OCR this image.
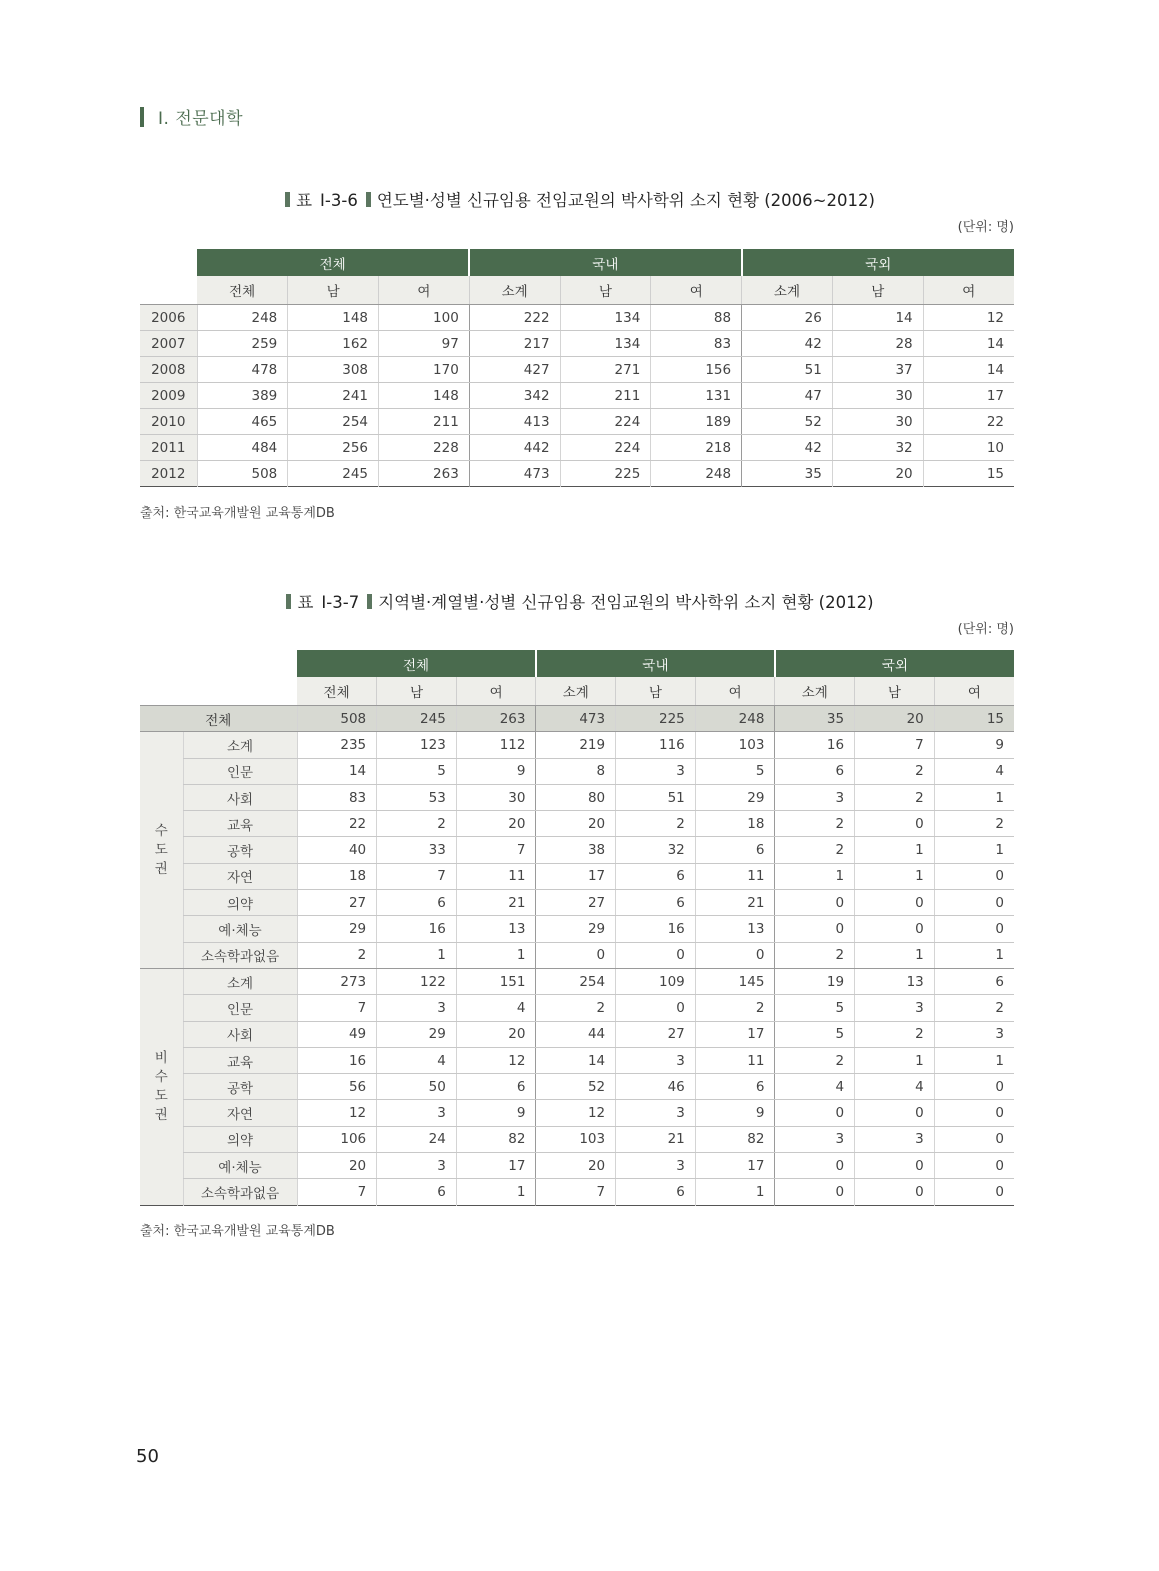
Ⅰ. 전문대학
표 Ⅰ-3-6 연도별·성별 신규임용 전임교원의 박사학위 소지 현황 (2006~2012)
(단위: 명)
	전체			국내			국외		
	전체	남	여	소계	남	여	소계	남	여
2006	248	148	100	222	134	88	26	14	12
2007	259	162	97	217	134	83	42	28	14
2008	478	308	170	427	271	156	51	37	14
2009	389	241	148	342	211	131	47	30	17
2010	465	254	211	413	224	189	52	30	22
2011	484	256	228	442	224	218	42	32	10
2012	508	245	263	473	225	248	35	20	15
출처: 한국교육개발원 교육통계DB
표 Ⅰ-3-7 지역별·계열별·성별 신규임용 전임교원의 박사학위 소지 현황 (2012)
(단위: 명)
		전체			국내			국외		
		전체	남	여	소계	남	여	소계	남	여
전체		508	245	263	473	225	248	35	20	15
수
도
권	소계	235	123	112	219	116	103	16	7	9
	인문	14	5	9	8	3	5	6	2	4
	사회	83	53	30	80	51	29	3	2	1
	교육	22	2	20	20	2	18	2	0	2
	공학	40	33	7	38	32	6	2	1	1
	자연	18	7	11	17	6	11	1	1	0
	의약	27	6	21	27	6	21	0	0	0
	예·체능	29	16	13	29	16	13	0	0	0
	소속학과없음	2	1	1	0	0	0	2	1	1
비
수
도
권	소계	273	122	151	254	109	145	19	13	6
	인문	7	3	4	2	0	2	5	3	2
	사회	49	29	20	44	27	17	5	2	3
	교육	16	4	12	14	3	11	2	1	1
	공학	56	50	6	52	46	6	4	4	0
	자연	12	3	9	12	3	9	0	0	0
	의약	106	24	82	103	21	82	3	3	0
	예·체능	20	3	17	20	3	17	0	0	0
	소속학과없음	7	6	1	7	6	1	0	0	0
출처: 한국교육개발원 교육통계DB
50
